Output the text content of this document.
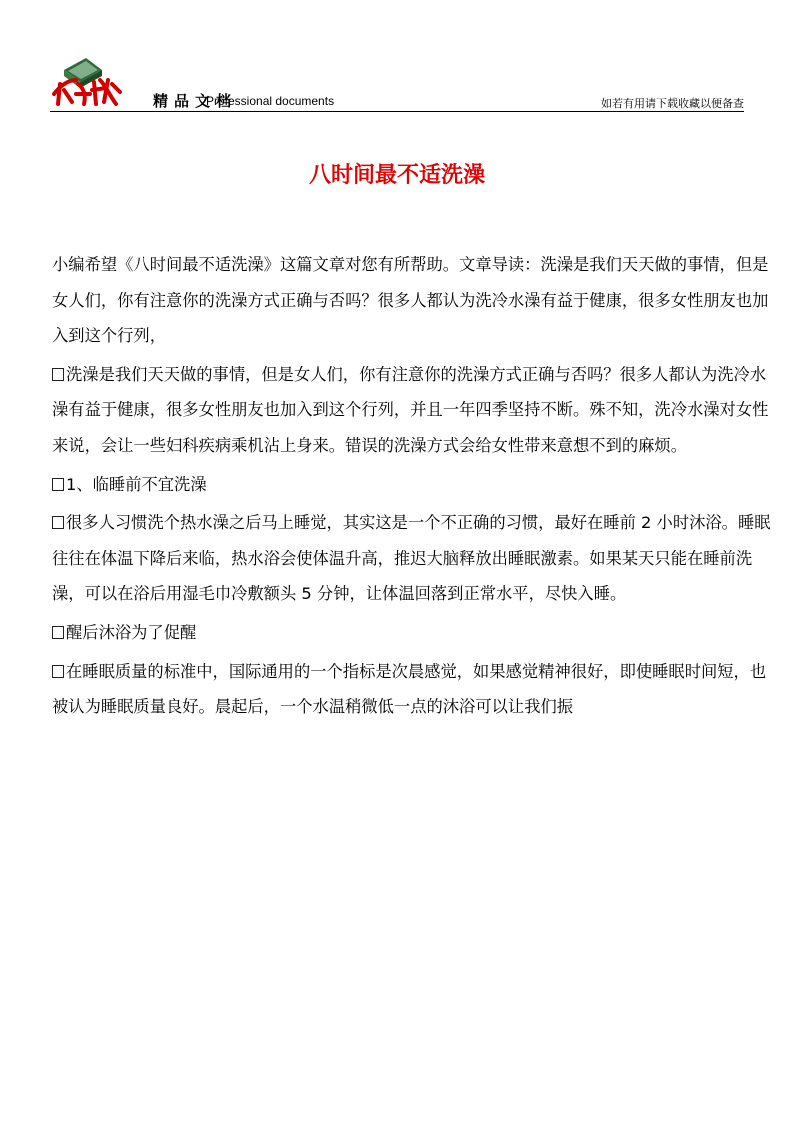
精品文档
Professional documents	如若有用请下载收藏以便备查
八时间最不适洗澡

小编希望《八时间最不适洗澡》这篇文章对您有所帮助。文章导读：洗澡是我们天天做的事情，但是女人们，你有注意你的洗澡方式正确与否吗？很多人都认为洗冷水澡有益于健康，很多女性朋友也加入到这个行列，

洗澡是我们天天做的事情，但是女人们，你有注意你的洗澡方式正确与否吗？很多人都认为洗冷水澡有益于健康，很多女性朋友也加入到这个行列，并且一年四季坚持不断。殊不知，洗冷水澡对女性来说，会让一些妇科疾病乘机沾上身来。错误的洗澡方式会给女性带来意想不到的麻烦。

1、临睡前不宜洗澡

很多人习惯洗个热水澡之后马上睡觉，其实这是一个不正确的习惯，最好在睡前 2 小时沐浴。睡眠往往在体温下降后来临，热水浴会使体温升高，推迟大脑释放出睡眠激素。如果某天只能在睡前洗澡，可以在浴后用湿毛巾冷敷额头 5 分钟，让体温回落到正常水平，尽快入睡。

醒后沐浴为了促醒

在睡眠质量的标准中，国际通用的一个指标是次晨感觉，如果感觉精神很好，即使睡眠时间短，也被认为睡眠质量良好。晨起后，一个水温稍微低一点的沐浴可以让我们振
